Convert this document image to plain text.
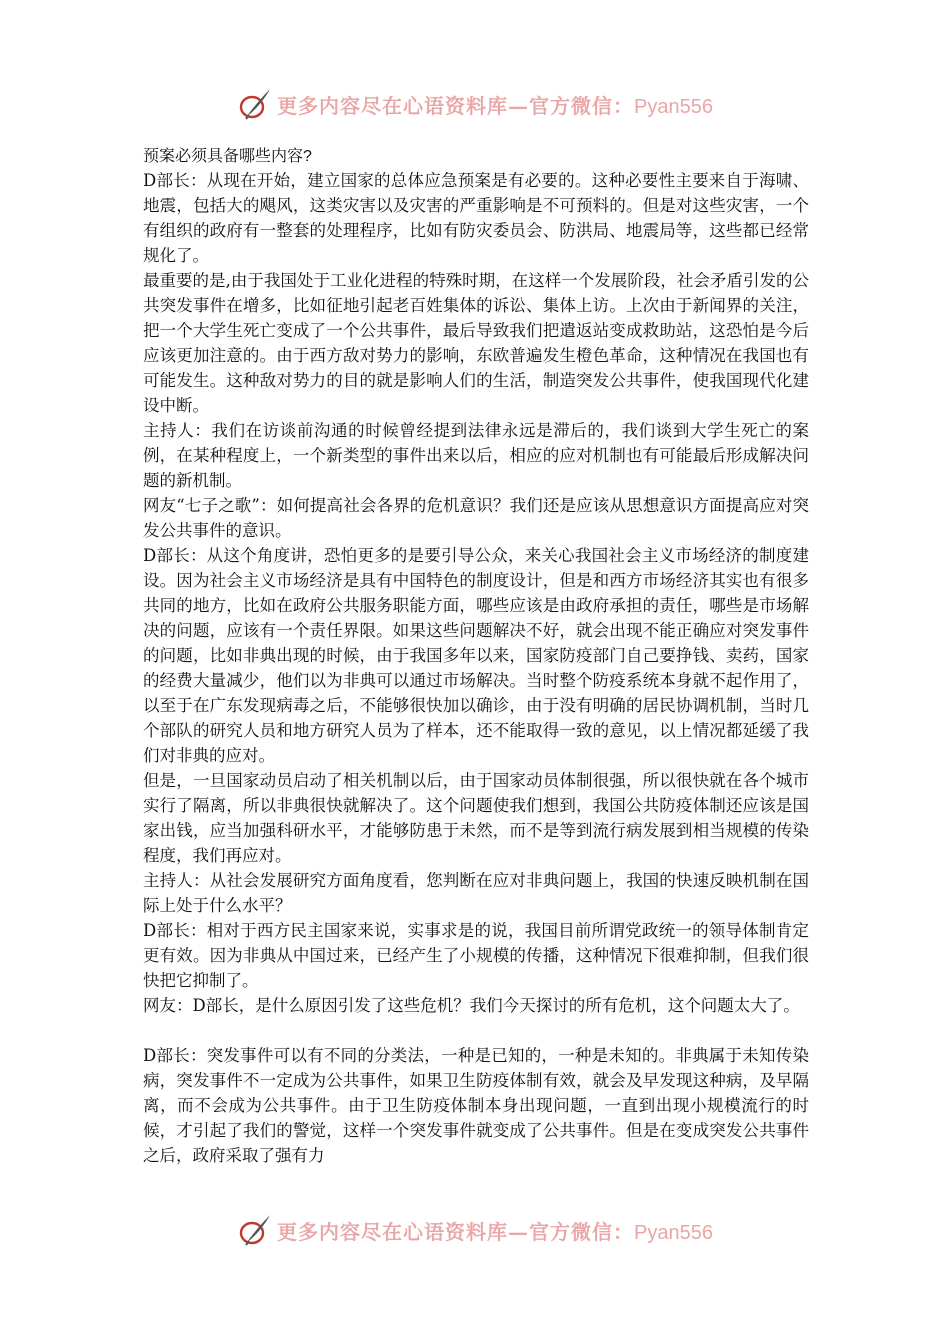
更多内容尽在心语资料库—官方微信：Pyan556

预案必须具备哪些内容?

D部长：从现在开始，建立国家的总体应急预案是有必要的。这种必要性主要来自于海啸、地震，包括大的飓风，这类灾害以及灾害的严重影响是不可预料的。但是对这些灾害，一个有组织的政府有一整套的处理程序，比如有防灾委员会、防洪局、地震局等，这些都已经常规化了。

最重要的是,由于我国处于工业化进程的特殊时期，在这样一个发展阶段，社会矛盾引发的公共突发事件在增多，比如征地引起老百姓集体的诉讼、集体上访。上次由于新闻界的关注，把一个大学生死亡变成了一个公共事件，最后导致我们把遣返站变成救助站，这恐怕是今后应该更加注意的。由于西方敌对势力的影响，东欧普遍发生橙色革命，这种情况在我国也有可能发生。这种敌对势力的目的就是影响人们的生活，制造突发公共事件，使我国现代化建设中断。

主持人：我们在访谈前沟通的时候曾经提到法律永远是滞后的，我们谈到大学生死亡的案例，在某种程度上，一个新类型的事件出来以后，相应的应对机制也有可能最后形成解决问题的新机制。

网友“七子之歌”：如何提高社会各界的危机意识？我们还是应该从思想意识方面提高应对突发公共事件的意识。

D部长：从这个角度讲，恐怕更多的是要引导公众，来关心我国社会主义市场经济的制度建设。因为社会主义市场经济是具有中国特色的制度设计，但是和西方市场经济其实也有很多共同的地方，比如在政府公共服务职能方面，哪些应该是由政府承担的责任，哪些是市场解决的问题，应该有一个责任界限。如果这些问题解决不好，就会出现不能正确应对突发事件的问题，比如非典出现的时候，由于我国多年以来，国家防疫部门自己要挣钱、卖药，国家的经费大量减少，他们以为非典可以通过市场解决。当时整个防疫系统本身就不起作用了，以至于在广东发现病毒之后，不能够很快加以确诊，由于没有明确的居民协调机制，当时几个部队的研究人员和地方研究人员为了样本，还不能取得一致的意见，以上情况都延缓了我们对非典的应对。

但是，一旦国家动员启动了相关机制以后，由于国家动员体制很强，所以很快就在各个城市实行了隔离，所以非典很快就解决了。这个问题使我们想到，我国公共防疫体制还应该是国家出钱，应当加强科研水平，才能够防患于未然，而不是等到流行病发展到相当规模的传染程度，我们再应对。

主持人：从社会发展研究方面角度看，您判断在应对非典问题上，我国的快速反映机制在国际上处于什么水平？

D部长：相对于西方民主国家来说，实事求是的说，我国目前所谓党政统一的领导体制肯定更有效。因为非典从中国过来，已经产生了小规模的传播，这种情况下很难抑制，但我们很快把它抑制了。

网友：D部长，是什么原因引发了这些危机？我们今天探讨的所有危机，这个问题太大了。

D部长：突发事件可以有不同的分类法，一种是已知的，一种是未知的。非典属于未知传染病，突发事件不一定成为公共事件，如果卫生防疫体制有效，就会及早发现这种病，及早隔离，而不会成为公共事件。由于卫生防疫体制本身出现问题，一直到出现小规模流行的时候，才引起了我们的警觉，这样一个突发事件就变成了公共事件。但是在变成突发公共事件之后，政府采取了强有力

更多内容尽在心语资料库—官方微信：Pyan556
